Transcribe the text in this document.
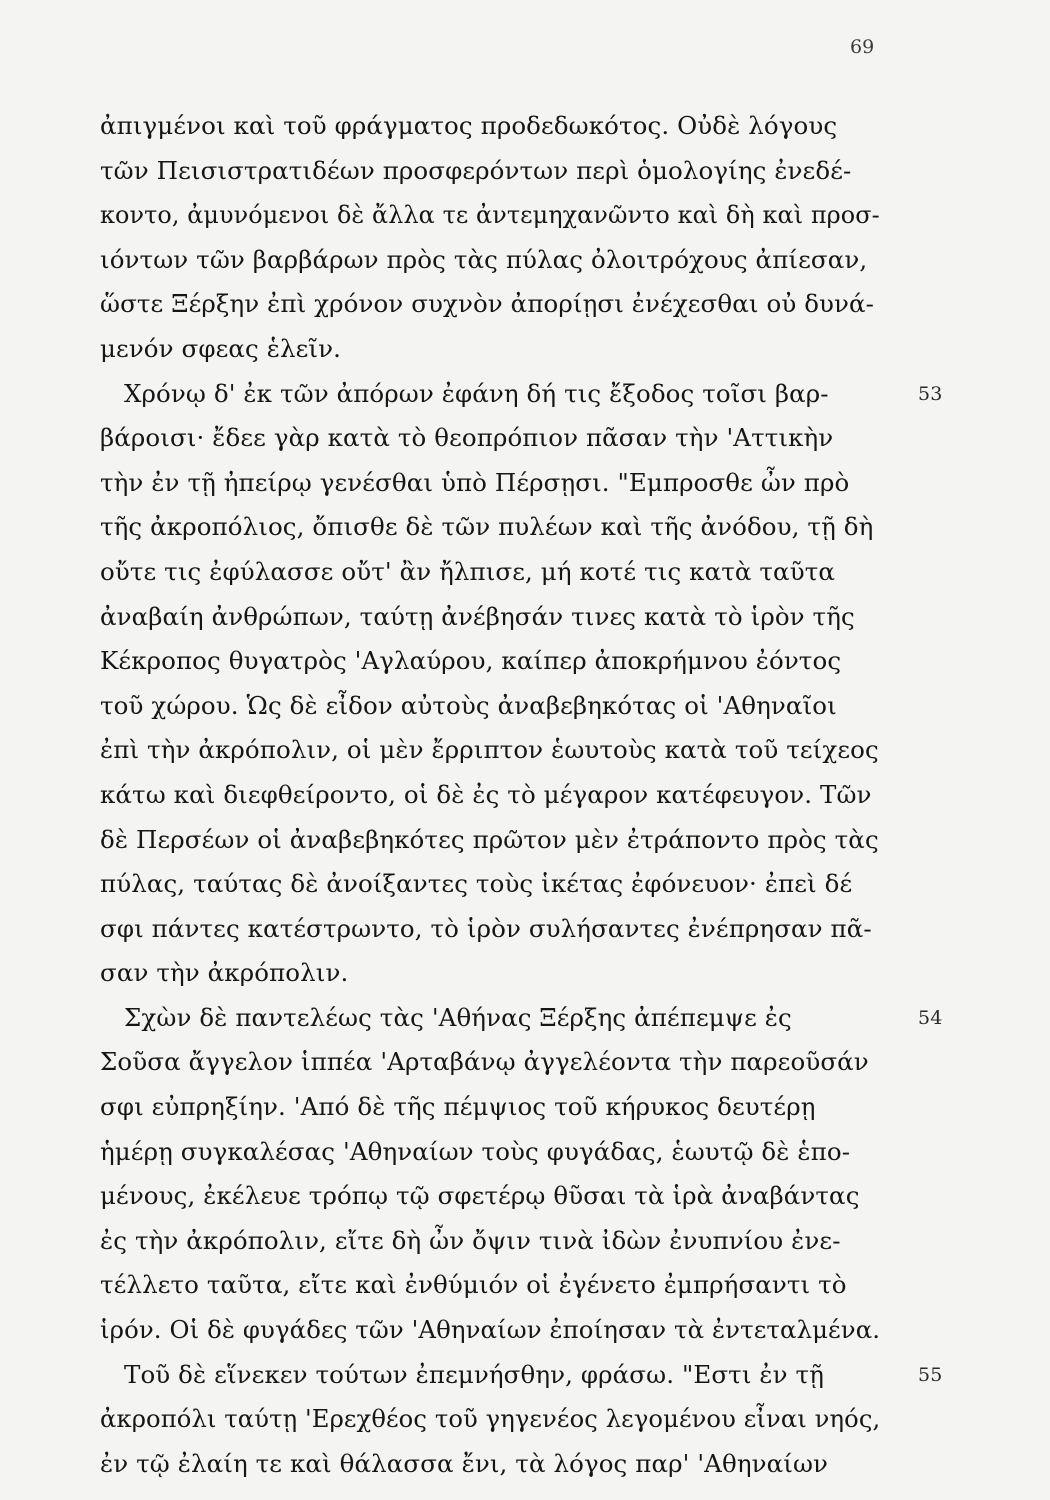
69
ἀπιγμένοι καὶ τοῦ φράγματος προδεδωκότος. Οὐδὲ λόγους
τῶν Πεισιστρατιδέων προσφερόντων περὶ ὁμολογίης ἐνεδέ-
κοντο, ἀμυνόμενοι δὲ ἄλλα τε ἀντεμηχανῶντο καὶ δὴ καὶ προσ-
ιόντων τῶν βαρβάρων πρὸς τὰς πύλας ὀλοιτρόχους ἀπίεσαν,
ὥστε Ξέρξην ἐπὶ χρόνον συχνὸν ἀπορίῃσι ἐνέχεσθαι οὐ δυνά-
μενόν σφεας ἑλεῖν.
Χρόνῳ δ' ἐκ τῶν ἀπόρων ἐφάνη δή τις ἔξοδος τοῖσι βαρ-	53
βάροισι· ἔδεε γὰρ κατὰ τὸ θεοπρόπιον πᾶσαν τὴν 'Αττικὴν
τὴν ἐν τῇ ἠπείρῳ γενέσθαι ὑπὸ Πέρσῃσι. "Εμπροσθε ὦν πρὸ
τῆς ἀκροπόλιος, ὄπισθε δὲ τῶν πυλέων καὶ τῆς ἀνόδου, τῇ δὴ
οὔτε τις ἐφύλασσε οὔτ' ἂν ἤλπισε, μή κοτέ τις κατὰ ταῦτα
ἀναβαίη ἀνθρώπων, ταύτῃ ἀνέβησάν τινες κατὰ τὸ ἱρὸν τῆς
Κέκροπος θυγατρὸς 'Αγλαύρου, καίπερ ἀποκρήμνου ἐόντος
τοῦ χώρου. Ὡς δὲ εἶδον αὐτοὺς ἀναβεβηκότας οἱ 'Αθηναῖοι
ἐπὶ τὴν ἀκρόπολιν, οἱ μὲν ἔρριπτον ἑωυτοὺς κατὰ τοῦ τείχεος
κάτω καὶ διεφθείροντο, οἱ δὲ ἐς τὸ μέγαρον κατέφευγον. Τῶν
δὲ Περσέων οἱ ἀναβεβηκότες πρῶτον μὲν ἐτράποντο πρὸς τὰς
πύλας, ταύτας δὲ ἀνοίξαντες τοὺς ἱκέτας ἐφόνευον· ἐπεὶ δέ
σφι πάντες κατέστρωντο, τὸ ἱρὸν συλήσαντες ἐνέπρησαν πᾶ-
σαν τὴν ἀκρόπολιν.
Σχὼν δὲ παντελέως τὰς 'Αθήνας Ξέρξης ἀπέπεμψε ἐς	54
Σοῦσα ἄγγελον ἱππέα 'Αρταβάνῳ ἀγγελέοντα τὴν παρεοῦσάν
σφι εὐπρηξίην. 'Από δὲ τῆς πέμψιος τοῦ κήρυκος δευτέρῃ
ἡμέρῃ συγκαλέσας 'Αθηναίων τοὺς φυγάδας, ἑωυτῷ δὲ ἑπο-
μένους, ἐκέλευε τρόπῳ τῷ σφετέρῳ θῦσαι τὰ ἱρὰ ἀναβάντας
ἐς τὴν ἀκρόπολιν, εἴτε δὴ ὦν ὄψιν τινὰ ἰδὼν ἐνυπνίου ἐνε-
τέλλετο ταῦτα, εἴτε καὶ ἐνθύμιόν οἱ ἐγένετο ἐμπρήσαντι τὸ
ἱρόν. Οἱ δὲ φυγάδες τῶν 'Αθηναίων ἐποίησαν τὰ ἐντεταλμένα.
Τοῦ δὲ εἵνεκεν τούτων ἐπεμνήσθην, φράσω. "Εστι ἐν τῇ	55
ἀκροπόλι ταύτῃ 'Ερεχθέος τοῦ γηγενέος λεγομένου εἶναι νηός,
ἐν τῷ ἐλαίη τε καὶ θάλασσα ἔνι, τὰ λόγος παρ' 'Αθηναίων
